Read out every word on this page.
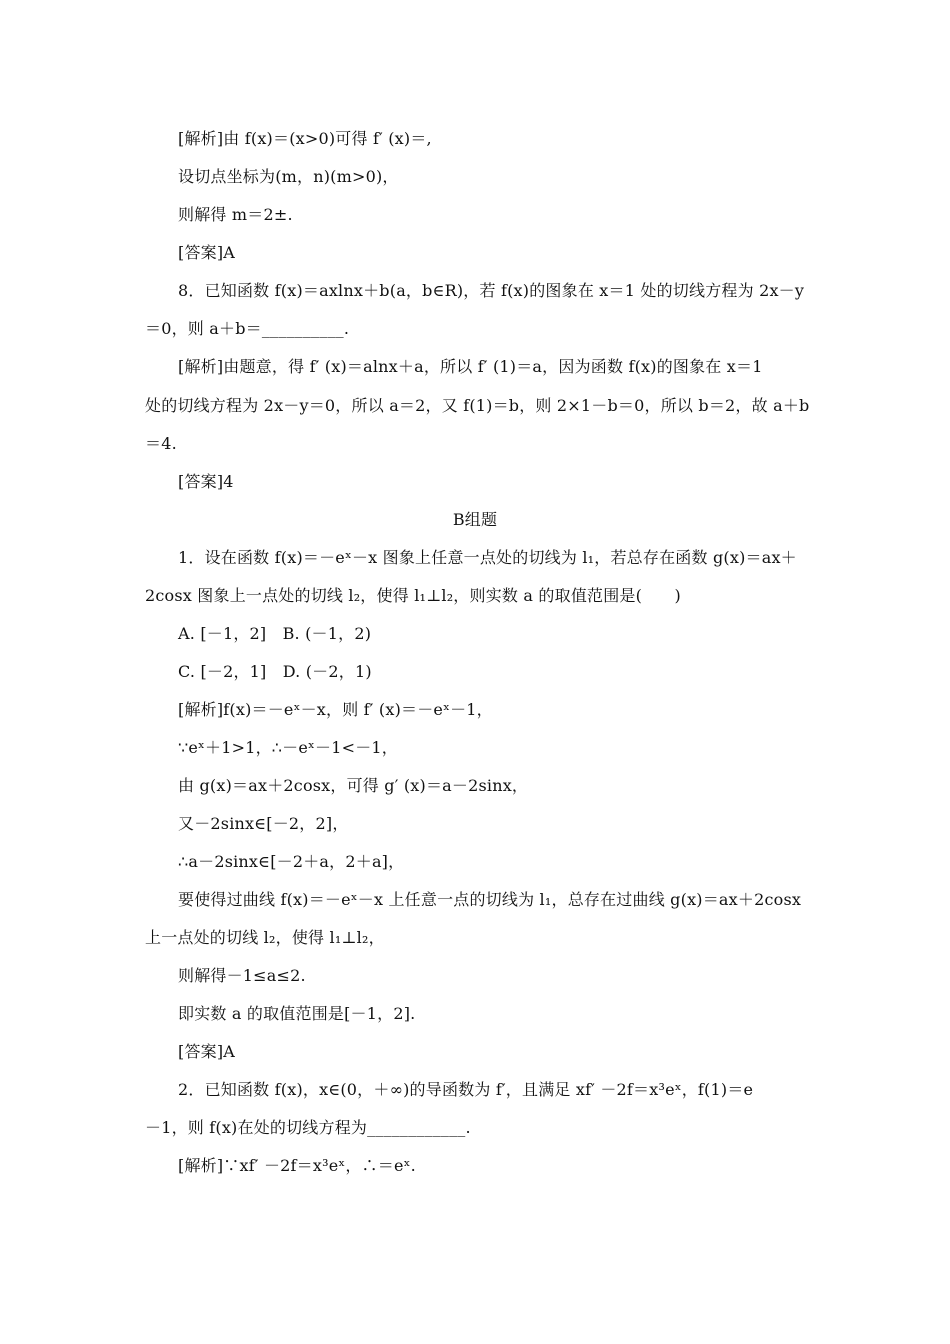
[解析]由 f(x)＝(x>0)可得 f′ (x)＝,
设切点坐标为(m，n)(m>0)，
则解得 m＝2±.
[答案]A
8．已知函数 f(x)＝axlnx＋b(a，b∈R)，若 f(x)的图象在 x＝1 处的切线方程为 2x－y
＝0，则 a＋b＝__________.
[解析]由题意，得 f′ (x)＝alnx＋a，所以 f′ (1)＝a，因为函数 f(x)的图象在 x＝1
处的切线方程为 2x－y＝0，所以 a＝2，又 f(1)＝b，则 2×1－b＝0，所以 b＝2，故 a＋b
＝4.
[答案]4
B组题
1．设在函数 f(x)＝－eˣ－x 图象上任意一点处的切线为 l₁，若总存在函数 g(x)＝ax＋
2cosx 图象上一点处的切线 l₂，使得 l₁⊥l₂，则实数 a 的取值范围是(　　)
A. [－1，2]　B. (－1，2)
C. [－2，1]　D. (－2，1)
[解析]f(x)＝－eˣ－x，则 f′ (x)＝－eˣ－1，
∵eˣ＋1>1，∴－eˣ－1<－1，
由 g(x)＝ax＋2cosx，可得 g′ (x)＝a－2sinx，
又－2sinx∈[－2，2]，
∴a－2sinx∈[－2＋a，2＋a]，
要使得过曲线 f(x)＝－eˣ－x 上任意一点的切线为 l₁，总存在过曲线 g(x)＝ax＋2cosx
上一点处的切线 l₂，使得 l₁⊥l₂，
则解得－1≤a≤2.
即实数 a 的取值范围是[－1，2].
[答案]A
2．已知函数 f(x)，x∈(0，＋∞)的导函数为 f′，且满足 xf′ －2f＝x³eˣ，f(1)＝e
－1，则 f(x)在处的切线方程为____________.
[解析]∵xf′ －2f＝x³eˣ，∴＝eˣ.
